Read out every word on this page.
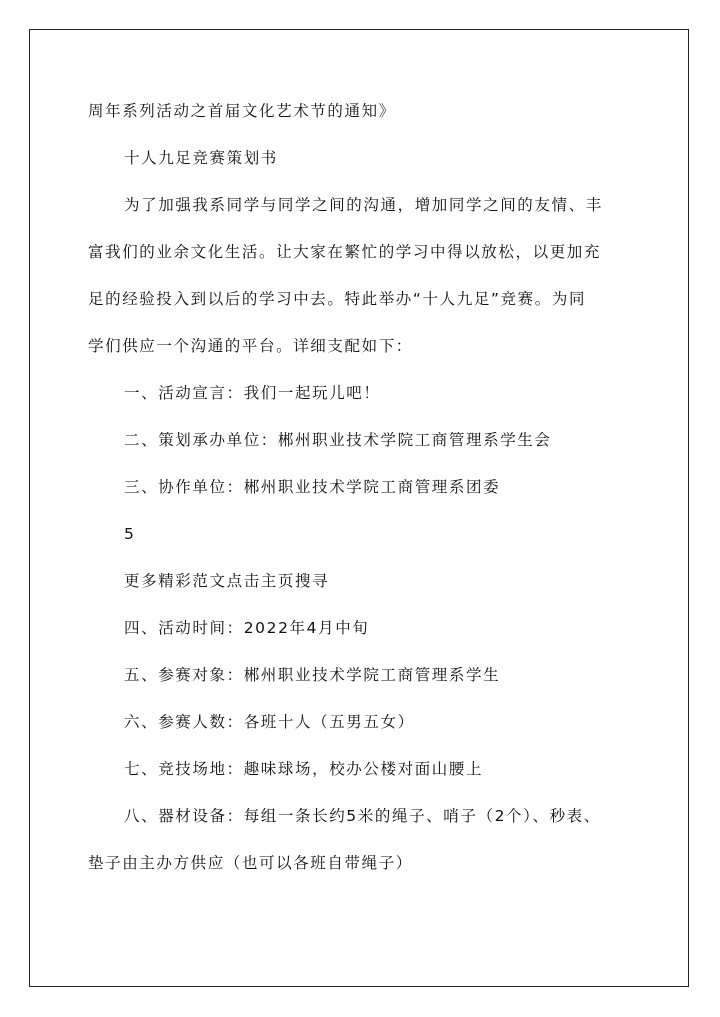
周年系列活动之首届文化艺术节的通知》
十人九足竞赛策划书
为了加强我系同学与同学之间的沟通，增加同学之间的友情、丰
富我们的业余文化生活。让大家在繁忙的学习中得以放松，以更加充
足的经验投入到以后的学习中去。特此举办“十人九足”竞赛。为同
学们供应一个沟通的平台。详细支配如下：
一、活动宣言：我们一起玩儿吧！
二、策划承办单位：郴州职业技术学院工商管理系学生会
三、协作单位：郴州职业技术学院工商管理系团委
5
更多精彩范文点击主页搜寻
四、活动时间：2022年4月中旬
五、参赛对象：郴州职业技术学院工商管理系学生
六、参赛人数：各班十人（五男五女）
七、竞技场地：趣味球场，校办公楼对面山腰上
八、器材设备：每组一条长约5米的绳子、哨子（2个）、秒表、
垫子由主办方供应（也可以各班自带绳子）
